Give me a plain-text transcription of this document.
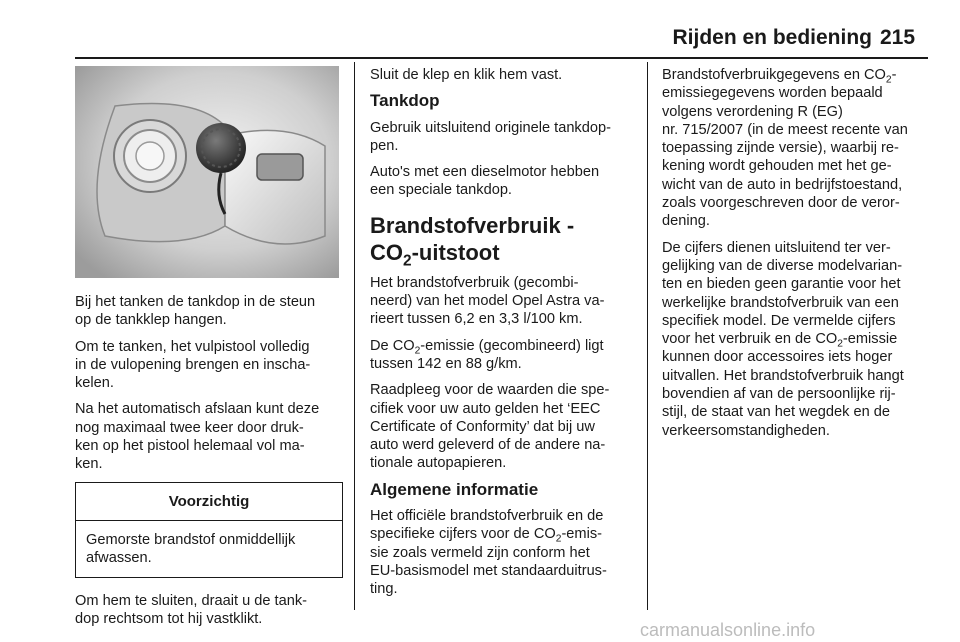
Rijden en bediening 215

Bij het tanken de tankdop in de steun
op de tankklep hangen.

Om te tanken, het vulpistool volledig
in de vulopening brengen en inscha-
kelen.

Na het automatisch afslaan kunt deze
nog maximaal twee keer door druk-
ken op het pistool helemaal vol ma-
ken.

Voorzichtig
Gemorste brandstof onmiddellijk
afwassen.

Om hem te sluiten, draait u de tank-
dop rechtsom tot hij vastklikt.

Sluit de klep en klik hem vast.

Tankdop

Gebruik uitsluitend originele tankdop-
pen.

Auto's met een dieselmotor hebben
een speciale tankdop.

Brandstofverbruik -
$CO_2$-uitstoot

Het brandstofverbruik (gecombi-
neerd) van het model Opel Astra va-
rieert tussen 6,2 en 3,3 l/100 km.

De $CO_2$-emissie (gecombineerd) ligt
tussen 142 en 88 g/km.

Raadpleeg voor de waarden die spe-
cifiek voor uw auto gelden het ‘EEC
Certificate of Conformity’ dat bij uw
auto werd geleverd of de andere na-
tionale autopapieren.

Algemene informatie

Het officiële brandstofverbruik en de
specifieke cijfers voor de $CO_2-emis-$
sie zoals vermeld zijn conform het
EU-basismodel met standaarduitrus-
ting.

Brandstofverbruikgegevens en $CO_2-$
emissiegegevens worden bepaald
volgens verordening R (EG)
nr. 715/2007 (in de meest recente van
toepassing zijnde versie), waarbij re-
kening wordt gehouden met het ge-
wicht van de auto in bedrijfstoestand,
zoals voorgeschreven door de veror-
dening.

De cijfers dienen uitsluitend ter ver-
gelijking van de diverse modelvarian-
ten en bieden geen garantie voor het
werkelijke brandstofverbruik van een
specifiek model. De vermelde cijfers
voor het verbruik en de $CO_2$-emissie
kunnen door accessoires iets hoger
uitvallen. Het brandstofverbruik hangt
bovendien af van de persoonlijke rij-
stijl, de staat van het wegdek en de
verkeersomstandigheden.

carmanualsonline.info
